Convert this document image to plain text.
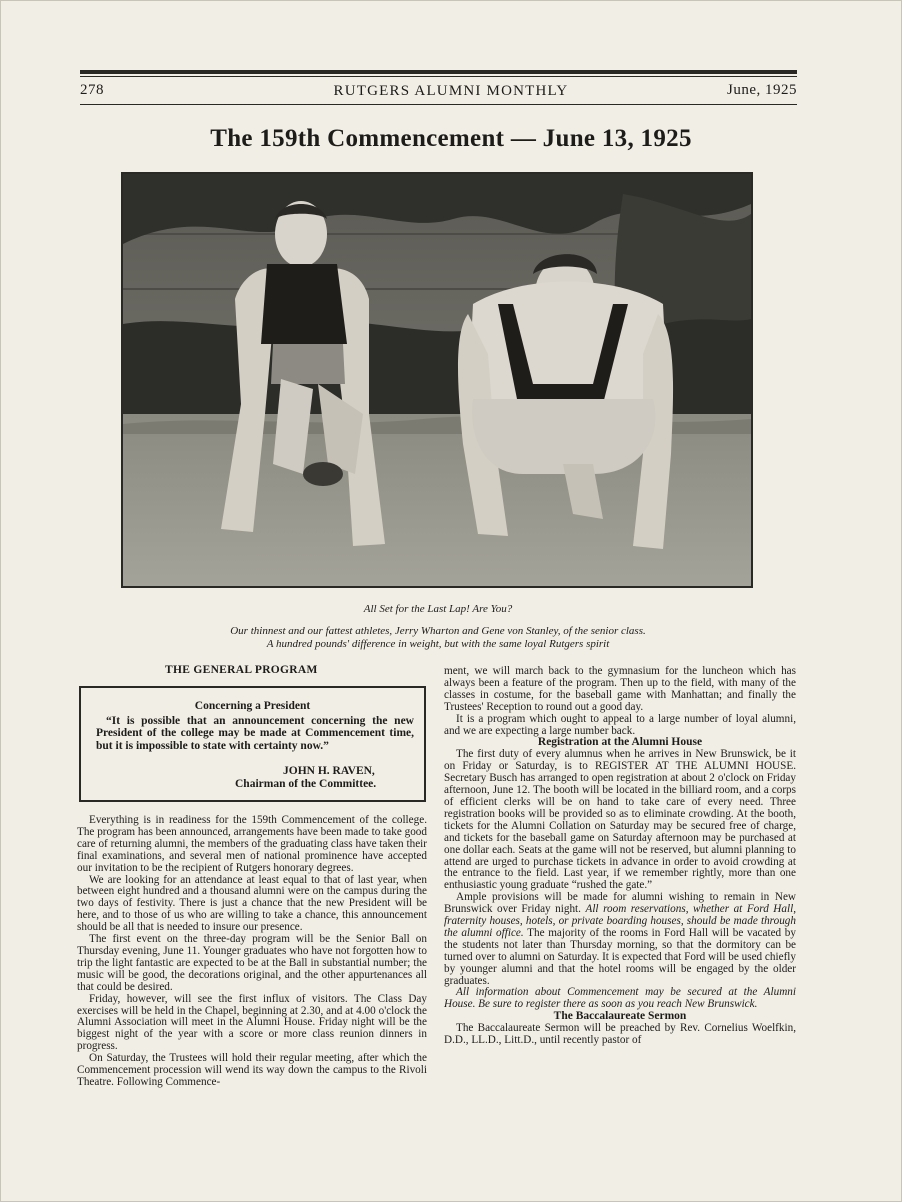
278	RUTGERS ALUMNI MONTHLY	June, 1925
The 159th Commencement — June 13, 1925
All Set for the Last Lap! Are You?
Our thinnest and our fattest athletes, Jerry Wharton and Gene von Stanley, of the senior class.
A hundred pounds' difference in weight, but with the same loyal Rutgers spirit
THE GENERAL PROGRAM
Concerning a President
“It is possible that an announcement concerning the new President of the college may be made at Commencement time, but it is impossible to state with certainty now.”
JOHN H. RAVEN,
Chairman of the Committee.

Everything is in readiness for the 159th Commencement of the college. The program has been announced, arrangements have been made to take good care of returning alumni, the members of the graduating class have taken their final examinations, and several men of national prominence have accepted our invitation to be the recipient of Rutgers honorary degrees.

We are looking for an attendance at least equal to that of last year, when between eight hundred and a thousand alumni were on the campus during the two days of festivity. There is just a chance that the new President will be here, and to those of us who are willing to take a chance, this announcement should be all that is needed to insure our presence.

The first event on the three-day program will be the Senior Ball on Thursday evening, June 11. Younger graduates who have not forgotten how to trip the light fantastic are expected to be at the Ball in substantial number; the music will be good, the decorations original, and the other appurtenances all that could be desired.

Friday, however, will see the first influx of visitors. The Class Day exercises will be held in the Chapel, beginning at 2.30, and at 4.00 o'clock the Alumni Association will meet in the Alumni House. Friday night will be the biggest night of the year with a score or more class reunion dinners in progress.

On Saturday, the Trustees will hold their regular meeting, after which the Commencement procession will wend its way down the campus to the Rivoli Theatre. Following Commence-

ment, we will march back to the gymnasium for the luncheon which has always been a feature of the program. Then up to the field, with many of the classes in costume, for the baseball game with Manhattan; and finally the Trustees' Reception to round out a good day.

It is a program which ought to appeal to a large number of loyal alumni, and we are expecting a large number back.

Registration at the Alumni House

The first duty of every alumnus when he arrives in New Brunswick, be it on Friday or Saturday, is to REGISTER AT THE ALUMNI HOUSE. Secretary Busch has arranged to open registration at about 2 o'clock on Friday afternoon, June 12. The booth will be located in the billiard room, and a corps of efficient clerks will be on hand to take care of every need. Three registration books will be provided so as to eliminate crowding. At the booth, tickets for the Alumni Collation on Saturday may be secured free of charge, and tickets for the baseball game on Saturday afternoon may be purchased at one dollar each. Seats at the game will not be reserved, but alumni planning to attend are urged to purchase tickets in advance in order to avoid crowding at the entrance to the field. Last year, if we remember rightly, more than one enthusiastic young graduate “rushed the gate.”

Ample provisions will be made for alumni wishing to remain in New Brunswick over Friday night. All room reservations, whether at Ford Hall, fraternity houses, hotels, or private boarding houses, should be made through the alumni office. The majority of the rooms in Ford Hall will be vacated by the students not later than Thursday morning, so that the dormitory can be turned over to alumni on Saturday. It is expected that Ford will be used chiefly by younger alumni and that the hotel rooms will be engaged by the older graduates.

All information about Commencement may be secured at the Alumni House. Be sure to register there as soon as you reach New Brunswick.

The Baccalaureate Sermon

The Baccalaureate Sermon will be preached by Rev. Cornelius Woelfkin, D.D., LL.D., Litt.D., until recently pastor of
